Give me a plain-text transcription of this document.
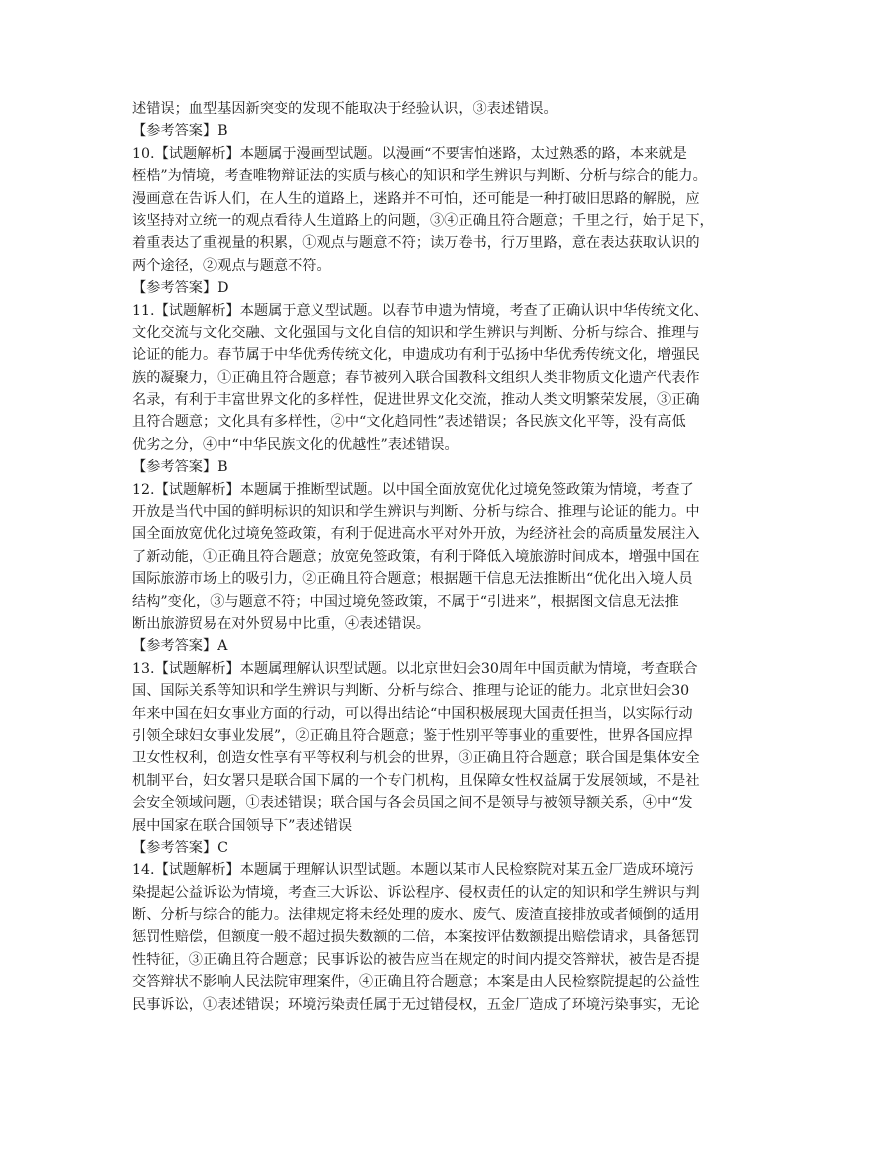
述错误；血型基因新突变的发现不能取决于经验认识，③表述错误。
【参考答案】B
10.【试题解析】本题属于漫画型试题。以漫画“不要害怕迷路，太过熟悉的路，本来就是
桎梏”为情境，考查唯物辩证法的实质与核心的知识和学生辨识与判断、分析与综合的能力。
漫画意在告诉人们，在人生的道路上，迷路并不可怕，还可能是一种打破旧思路的解脱，应
该坚持对立统一的观点看待人生道路上的问题，③④正确且符合题意；千里之行，始于足下，
着重表达了重视量的积累，①观点与题意不符；读万卷书，行万里路，意在表达获取认识的
两个途径，②观点与题意不符。
【参考答案】D
11.【试题解析】本题属于意义型试题。以春节申遗为情境，考查了正确认识中华传统文化、
文化交流与文化交融、文化强国与文化自信的知识和学生辨识与判断、分析与综合、推理与
论证的能力。春节属于中华优秀传统文化，申遗成功有利于弘扬中华优秀传统文化，增强民
族的凝聚力，①正确且符合题意；春节被列入联合国教科文组织人类非物质文化遗产代表作
名录，有利于丰富世界文化的多样性，促进世界文化交流，推动人类文明繁荣发展，③正确
且符合题意；文化具有多样性，②中“文化趋同性”表述错误；各民族文化平等，没有高低
优劣之分，④中“中华民族文化的优越性”表述错误。
【参考答案】B
12.【试题解析】本题属于推断型试题。以中国全面放宽优化过境免签政策为情境，考查了
开放是当代中国的鲜明标识的知识和学生辨识与判断、分析与综合、推理与论证的能力。中
国全面放宽优化过境免签政策，有利于促进高水平对外开放，为经济社会的高质量发展注入
了新动能，①正确且符合题意；放宽免签政策，有利于降低入境旅游时间成本，增强中国在
国际旅游市场上的吸引力，②正确且符合题意；根据题干信息无法推断出“优化出入境人员
结构”变化，③与题意不符；中国过境免签政策，不属于“引进来”，根据图文信息无法推
断出旅游贸易在对外贸易中比重，④表述错误。
【参考答案】A
13.【试题解析】本题属理解认识型试题。以北京世妇会30周年中国贡献为情境，考查联合
国、国际关系等知识和学生辨识与判断、分析与综合、推理与论证的能力。北京世妇会30
年来中国在妇女事业方面的行动，可以得出结论“中国积极展现大国责任担当，以实际行动
引领全球妇女事业发展”，②正确且符合题意；鉴于性别平等事业的重要性，世界各国应捍
卫女性权利，创造女性享有平等权利与机会的世界，③正确且符合题意；联合国是集体安全
机制平台，妇女署只是联合国下属的一个专门机构，且保障女性权益属于发展领域，不是社
会安全领域问题，①表述错误；联合国与各会员国之间不是领导与被领导额关系，④中“发
展中国家在联合国领导下”表述错误
【参考答案】C
14.【试题解析】本题属于理解认识型试题。本题以某市人民检察院对某五金厂造成环境污
染提起公益诉讼为情境，考查三大诉讼、诉讼程序、侵权责任的认定的知识和学生辨识与判
断、分析与综合的能力。法律规定将未经处理的废水、废气、废渣直接排放或者倾倒的适用
惩罚性赔偿，但额度一般不超过损失数额的二倍，本案按评估数额提出赔偿请求，具备惩罚
性特征，③正确且符合题意；民事诉讼的被告应当在规定的时间内提交答辩状，被告是否提
交答辩状不影响人民法院审理案件，④正确且符合题意；本案是由人民检察院提起的公益性
民事诉讼，①表述错误；环境污染责任属于无过错侵权，五金厂造成了环境污染事实，无论
